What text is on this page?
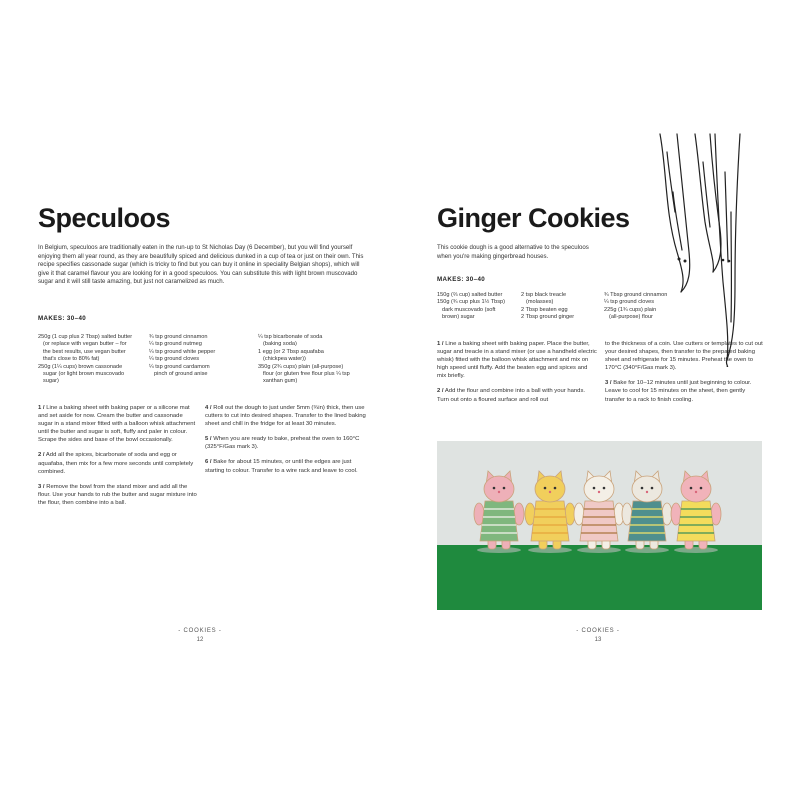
Speculoos

In Belgium, speculoos are traditionally eaten in the run-up to St Nicholas Day (6 December), but you will find yourself enjoying them all year round, as they are beautifully spiced and delicious dunked in a cup of tea or just on their own. This recipe specifies cassonade sugar (which is tricky to find but you can buy it online in speciality Belgian shops), which will give it that caramel flavour you are looking for in a good speculoos. You can substitute this with light brown muscovado sugar and it will still taste amazing, but just not caramelized as much.

MAKES: 30–40

250g (1 cup plus 2 Tbsp) salted butter
(or replace with vegan butter – for
the best results, use vegan butter
that's close to 80% fat)
250g (1¼ cups) brown cassonade
sugar (or light brown muscovado
sugar)
¾ tsp ground cinnamon
¼ tsp ground nutmeg
¼ tsp ground white pepper
¼ tsp ground cloves
¼ tsp ground cardamom
pinch of ground anise
¼ tsp bicarbonate of soda
(baking soda)
1 egg (or 2 Tbsp aquafaba
(chickpea water))
350g (2¾ cups) plain (all-purpose)
flour (or gluten free flour plus ¼ tsp
xanthan gum)

1 / Line a baking sheet with baking paper or a silicone mat and set aside for now. Cream the butter and cassonade sugar in a stand mixer fitted with a balloon whisk attachment until the butter and sugar is soft, fluffy and paler in colour. Scrape the sides and base of the bowl occasionally.

2 / Add all the spices, bicarbonate of soda and egg or aquafaba, then mix for a few more seconds until completely combined.

3 / Remove the bowl from the stand mixer and add all the flour. Use your hands to rub the butter and sugar mixture into the flour, then combine into a ball.

4 / Roll out the dough to just under 5mm (¾in) thick, then use cutters to cut into desired shapes. Transfer to the lined baking sheet and chill in the fridge for at least 30 minutes.

5 / When you are ready to bake, preheat the oven to 160°C (325°F/Gas mark 3).

6 / Bake for about 15 minutes, or until the edges are just starting to colour. Transfer to a wire rack and leave to cool.

- COOKIES -
12
Ginger Cookies

This cookie dough is a good alternative to the speculoos when you're making gingerbread houses.

MAKES: 30–40

150g (⅔ cup) salted butter
150g (¾ cup plus 1½ Tbsp)
dark muscovado (soft
brown) sugar
2 tsp black treacle
(molasses)
2 Tbsp beaten egg
2 Tbsp ground ginger
¾ Tbsp ground cinnamon
¼ tsp ground cloves
225g (1¾ cups) plain
(all-purpose) flour

1 / Line a baking sheet with baking paper. Place the butter, sugar and treacle in a stand mixer (or use a handheld electric whisk) fitted with the balloon whisk attachment and mix on high speed until fluffy. Add the beaten egg and spices and mix briefly.

2 / Add the flour and combine into a ball with your hands. Turn out onto a floured surface and roll out

to the thickness of a coin. Use cutters or templates to cut out your desired shapes, then transfer to the prepared baking sheet and refrigerate for 15 minutes. Preheat the oven to 170°C (340°F/Gas mark 3).

3 / Bake for 10–12 minutes until just beginning to colour. Leave to cool for 15 minutes on the sheet, then gently transfer to a rack to finish cooling.

- COOKIES -
13
